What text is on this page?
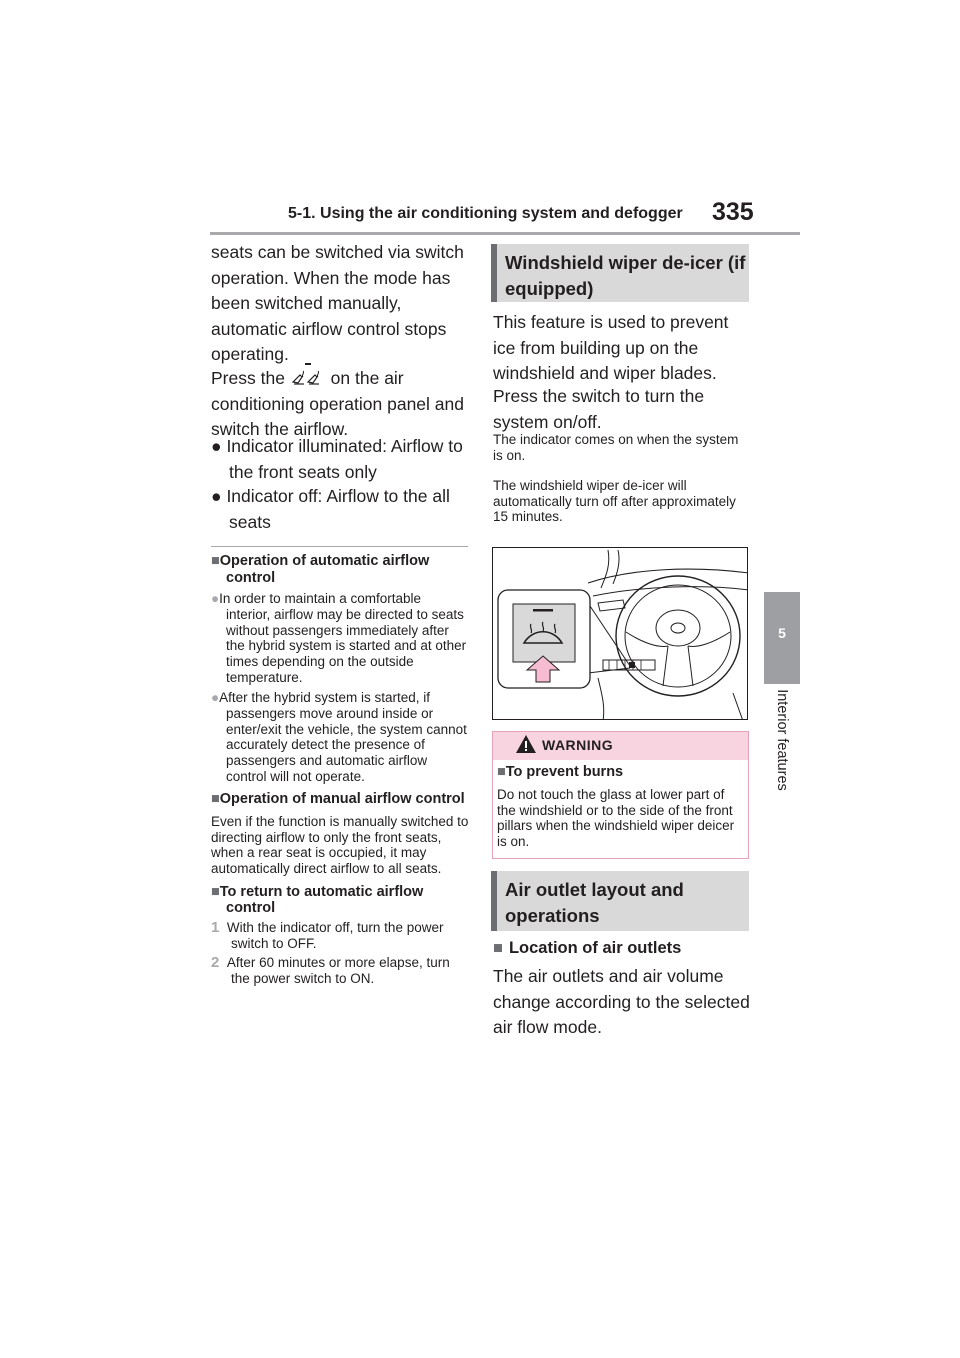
5-1. Using the air conditioning system and defogger 335
5
Interior features
seats can be switched via switch operation. When the mode has been switched manually, automatic airflow control stops operating.
Press the  on the air conditioning operation panel and switch the airflow.

● Indicator illuminated: Airflow to the front seats only

● Indicator off: Airflow to the all seats

■Operation of automatic airflow control
●In order to maintain a comfortable interior, airflow may be directed to seats without passengers immediately after the hybrid system is started and at other times depending on the outside temperature.
●After the hybrid system is started, if passengers move around inside or enter/exit the vehicle, the system cannot accurately detect the presence of passengers and automatic airflow control will not operate.
■Operation of manual airflow control
Even if the function is manually switched to directing airflow to only the front seats, when a rear seat is occupied, it may automatically direct airflow to all seats.
■To return to automatic airflow control
1 With the indicator off, turn the power switch to OFF.
2 After 60 minutes or more elapse, turn the power switch to ON.
Windshield wiper de-icer (if equipped)
This feature is used to prevent ice from building up on the windshield and wiper blades.
Press the switch to turn the system on/off.
The indicator comes on when the system is on.
The windshield wiper de-icer will automatically turn off after approximately 15 minutes.
WARNING
■To prevent burns
Do not touch the glass at lower part of the windshield or to the side of the front pillars when the windshield wiper deicer is on.
Air outlet layout and operations
■ Location of air outlets
The air outlets and air volume change according to the selected air flow mode.
